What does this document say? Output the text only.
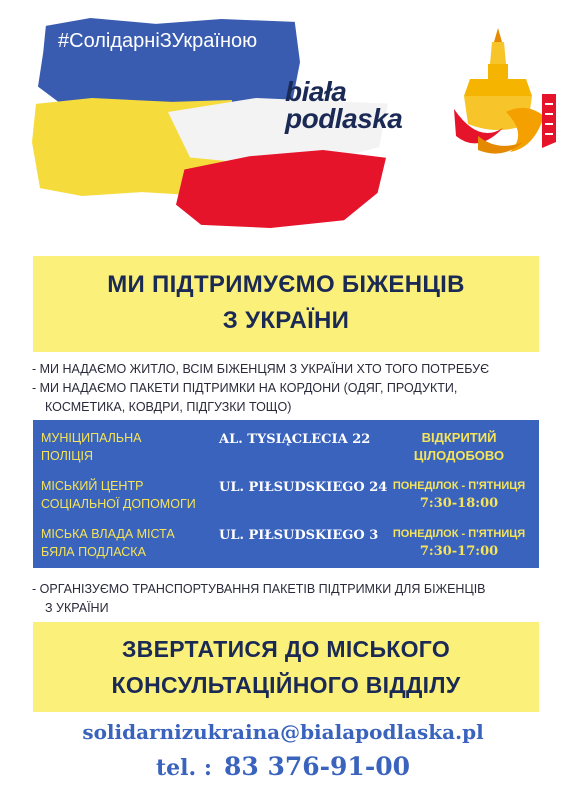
#СолідарніЗУкраїною
biała
podlaska
МИ ПІДТРИМУЄМО БІЖЕНЦІВ
З УКРАЇНИ
- МИ НАДАЄМО ЖИТЛО, ВСІМ БІЖЕНЦЯМ З УКРАЇНИ ХТО ТОГО ПОТРЕБУЄ
- МИ НАДАЄМО ПАКЕТИ ПІДТРИМКИ НА КОРДОНИ (ОДЯГ, ПРОДУКТИ,
КОСМЕТИКА, КОВДРИ, ПІДГУЗКИ ТОЩО)
МУНІЦИПАЛЬНА
ПОЛІЦІЯ
AL. TYSIĄCLECIA 22	ВІДКРИТИЙ
ЦІЛОДОБОВО
МІСЬКИЙ ЦЕНТР
СОЦІАЛЬНОЇ ДОПОМОГИ
UL. PIŁSUDSKIEGO 24 ПОНЕДІЛОК - П'ЯТНИЦЯ
7:30-18:00
МІСЬКА ВЛАДА МІСТА
БЯЛА ПОДЛАСКА
UL. PIŁSUDSKIEGO 3	ПОНЕДІЛОК - П'ЯТНИЦЯ
7:30-17:00
- ОРГАНІЗУЄМО ТРАНСПОРТУВАННЯ ПАКЕТІВ ПІДТРИМКИ ДЛЯ БІЖЕНЦІВ
З УКРАЇНИ
ЗВЕРТАТИСЯ ДО МІСЬКОГО
КОНСУЛЬТАЦІЙНОГО ВІДДІЛУ
solidarnizukraina@bialapodlaska.pl
tel. : 83 376-91-00
